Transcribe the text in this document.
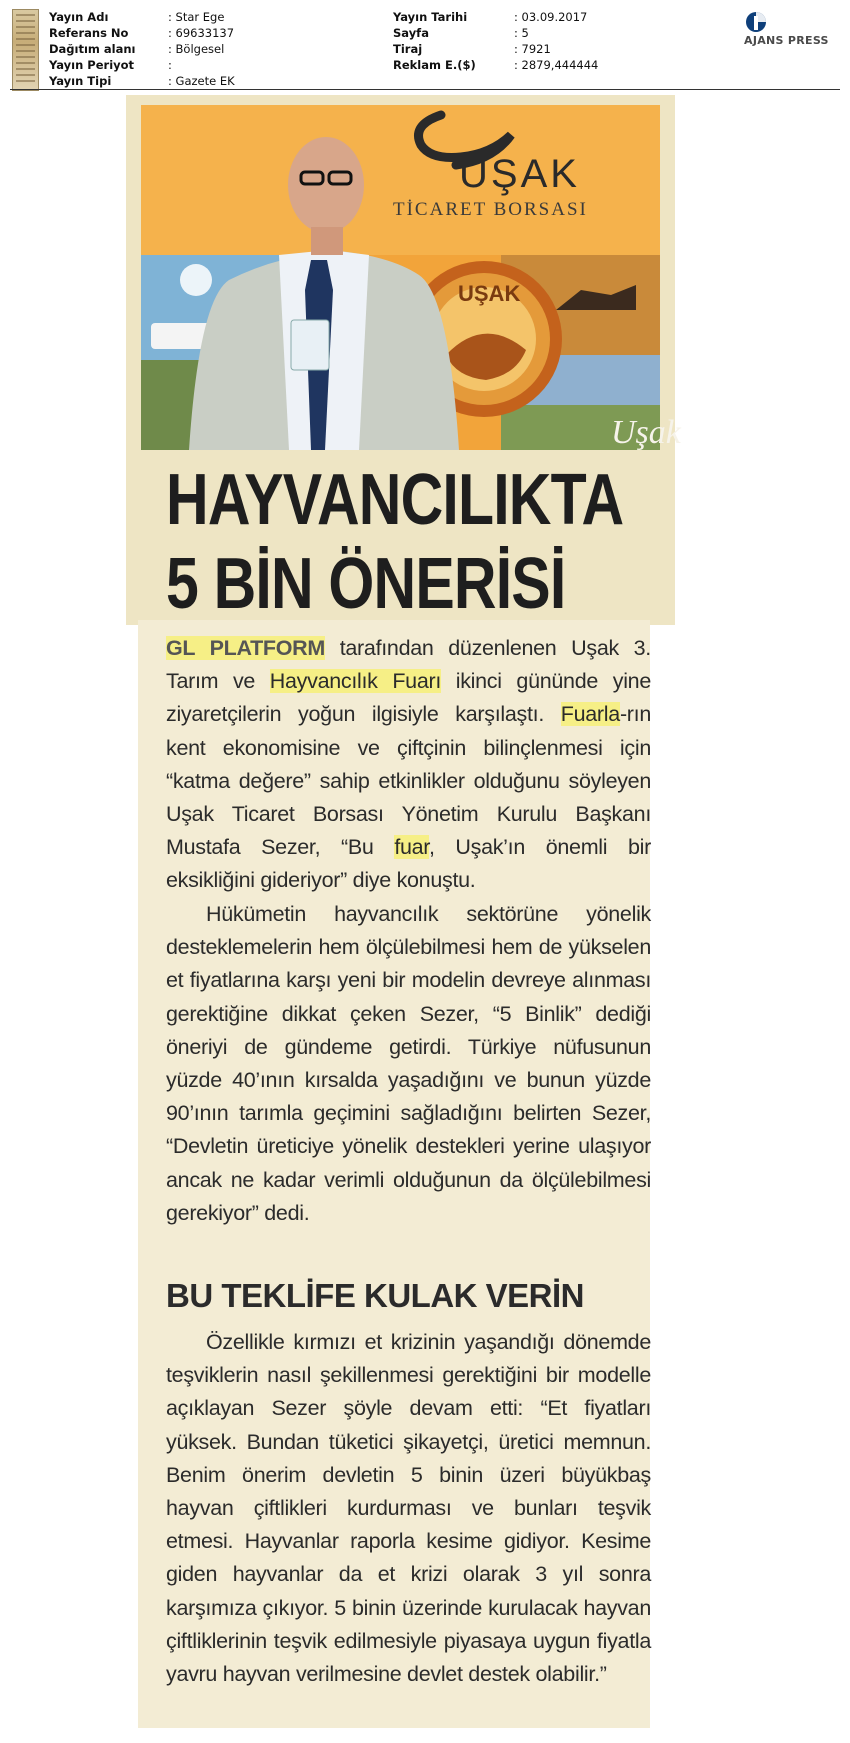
Yayın Adı
Referans No
Dağıtım alanı
Yayın Periyot
Yayın Tipi
: Star Ege
: 69633137
: Bölgesel
:
: Gazete EK
Yayın Tarihi
Sayfa
Tiraj
Reklam E.($)
: 03.09.2017
: 5
: 7921
: 2879,444444
AJANS PRESS
Uşak
UŞAK
TİCARET BORSASI
UŞAK
HAYVANCILIKTA
5 BİN ÖNERİSİ

GL PLATFORM tarafından düzenlenen Uşak 3. Tarım ve Hayvancılık Fuarı ikinci gününde yine ziyaretçilerin yoğun ilgisiyle karşılaştı. Fuarla-rın kent ekonomisine ve çiftçinin bilinçlenmesi için “katma değere” sahip etkinlikler olduğunu söyleyen Uşak Ticaret Borsası Yönetim Kurulu Başkanı Mustafa Sezer, “Bu fuar, Uşak’ın önemli bir eksikliğini gideriyor” diye konuştu.

Hükümetin hayvancılık sektörüne yönelik desteklemelerin hem ölçülebilmesi hem de yükselen et fiyatlarına karşı yeni bir modelin devreye alınması gerektiğine dikkat çeken Sezer, “5 Binlik” dediği öneriyi de gündeme getirdi. Türkiye nüfusunun yüzde 40’ının kırsalda yaşadığını ve bunun yüzde 90’ının tarımla geçimini sağladığını belirten Sezer, “Devletin üreticiye yönelik destekleri yerine ulaşıyor ancak ne kadar verimli olduğunun da ölçülebilmesi gerekiyor” dedi.

BU TEKLİFE KULAK VERİN

Özellikle kırmızı et krizinin yaşandığı dönemde teşviklerin nasıl şekillenmesi gerektiğini bir modelle açıklayan Sezer şöyle devam etti: “Et fiyatları yüksek. Bundan tüketici şikayetçi, üretici memnun. Benim önerim devletin 5 binin üzeri büyükbaş hayvan çiftlikleri kurdurması ve bunları teşvik etmesi. Hayvanlar raporla kesime gidiyor. Kesime giden hayvanlar da et krizi olarak 3 yıl sonra karşımıza çıkıyor. 5 binin üzerinde kurulacak hayvan çiftliklerinin teşvik edilmesiyle piyasaya uygun fiyatla yavru hayvan verilmesine devlet destek olabilir.”
